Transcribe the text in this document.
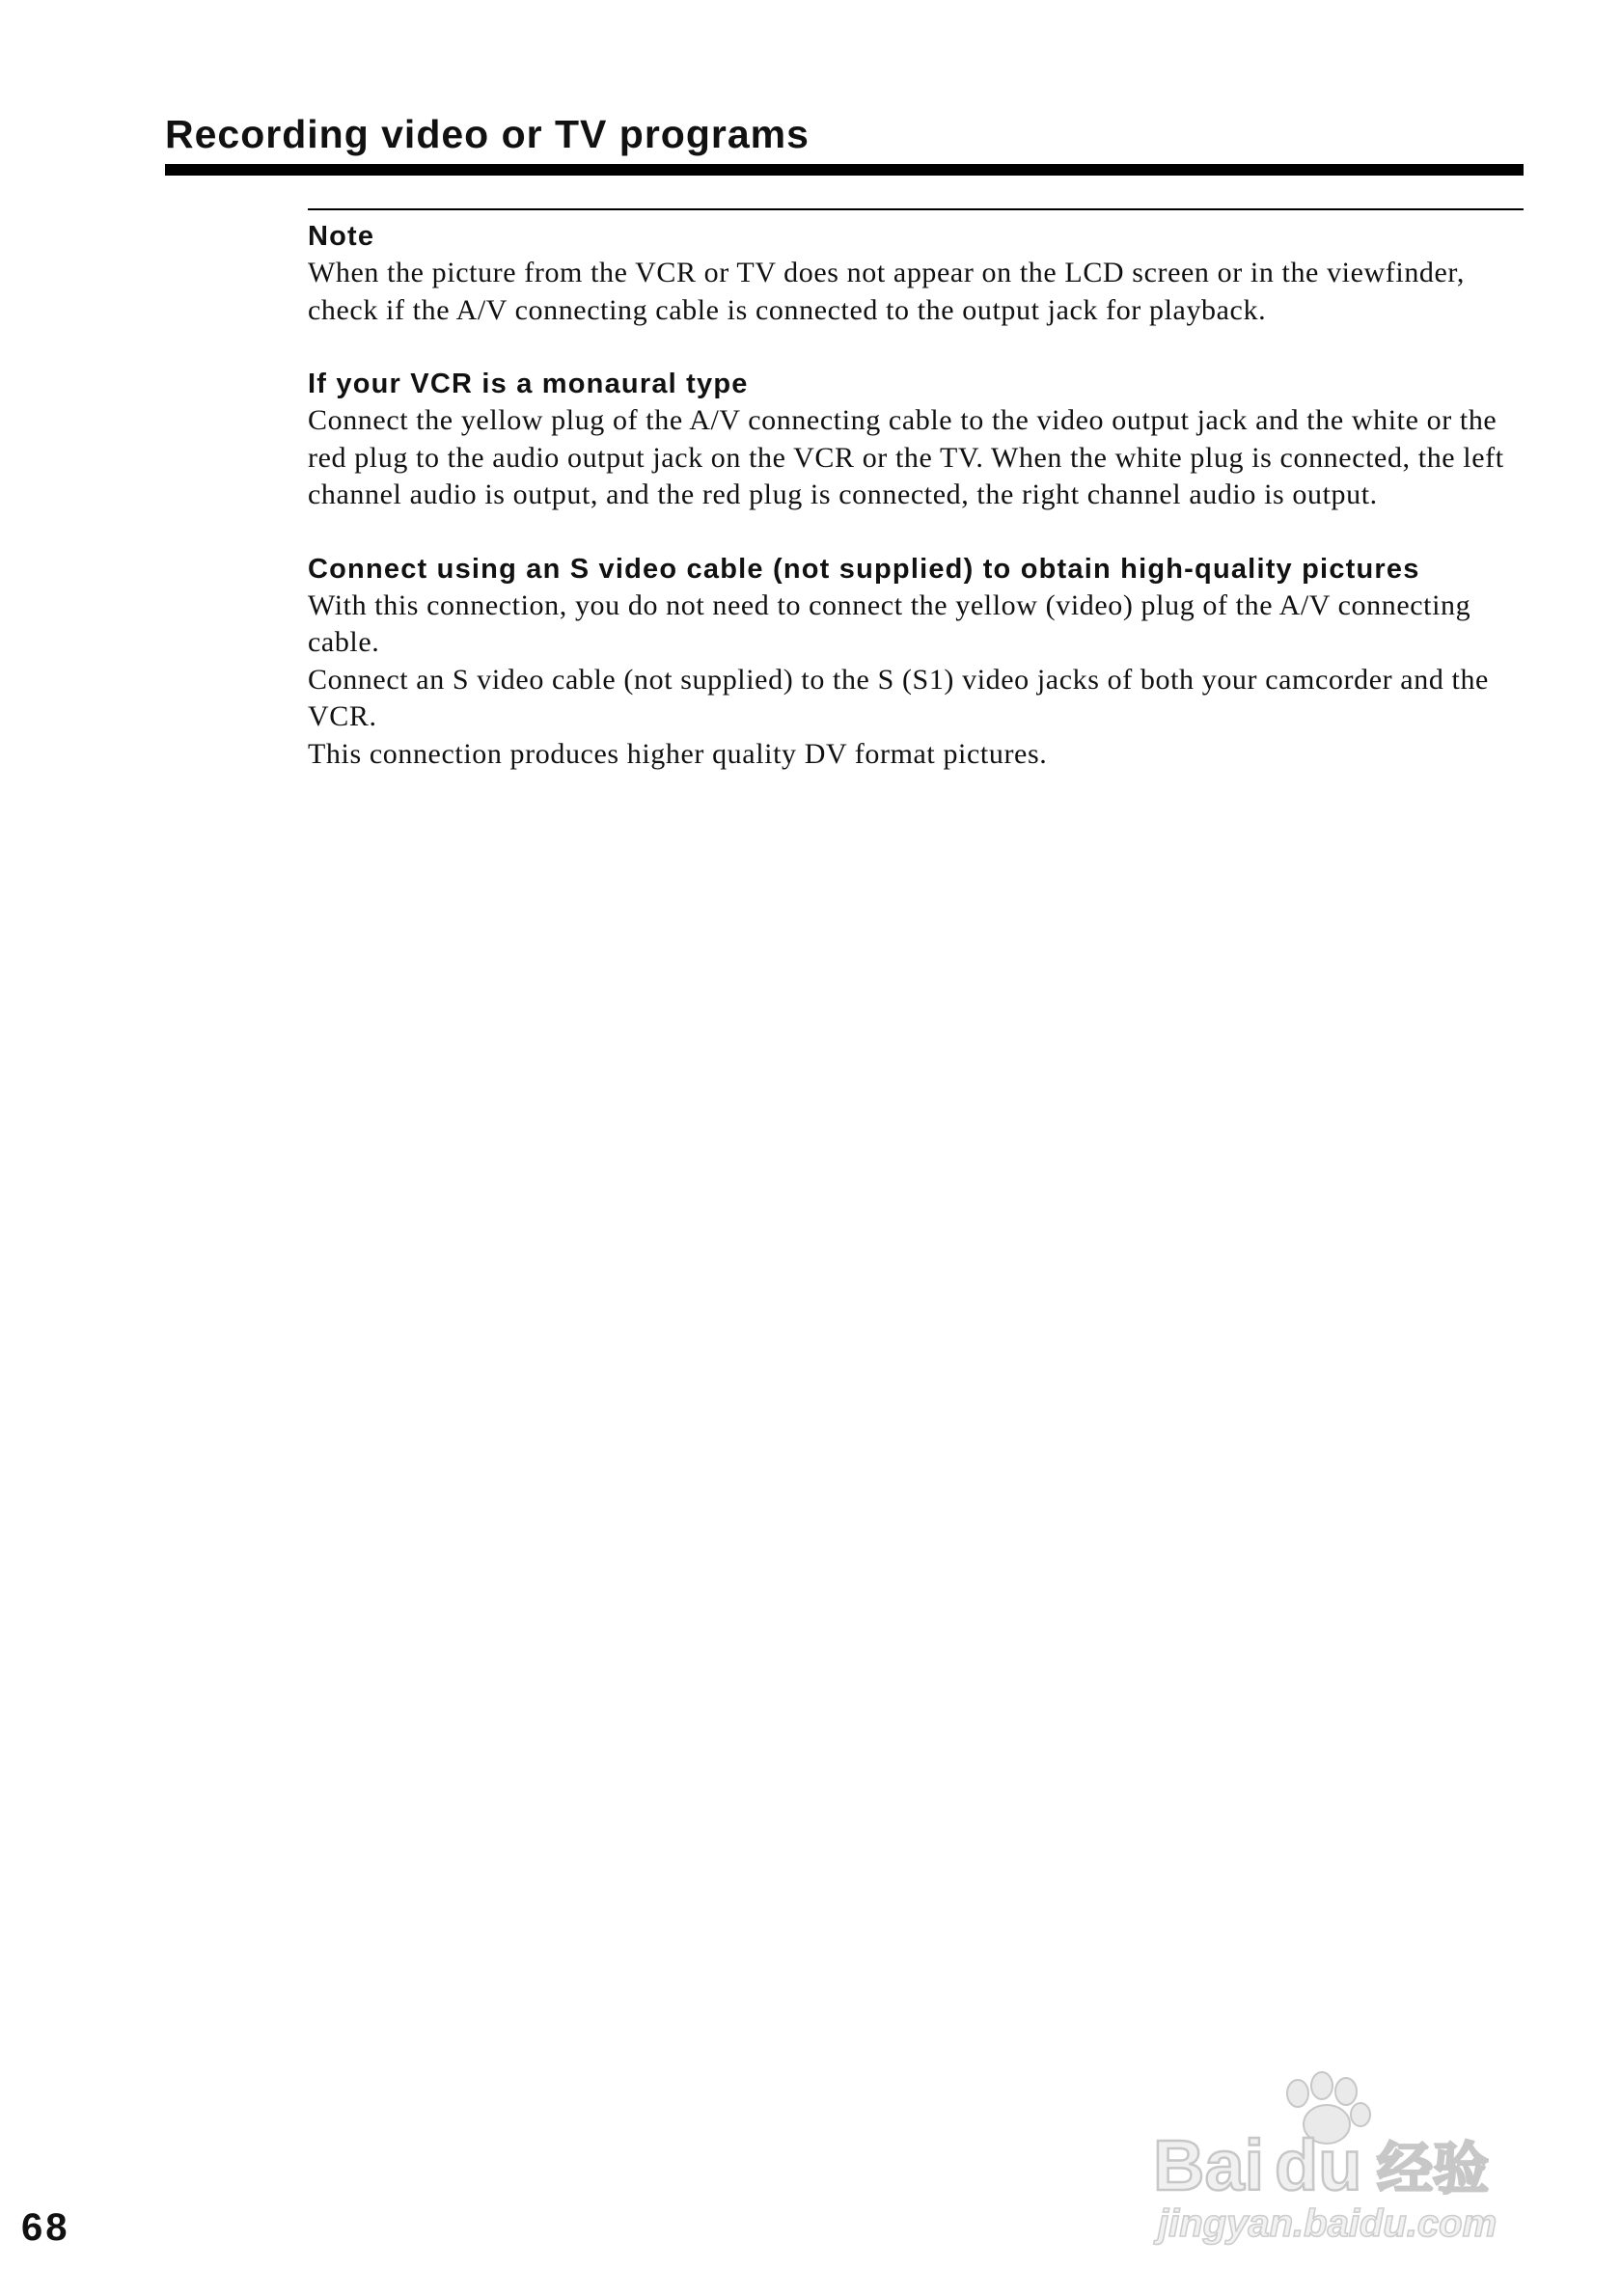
Recording video or TV programs

Note

When the picture from the VCR or TV does not appear on the LCD screen or in the viewfinder, check if the A/V connecting cable is connected to the output jack for playback.

If your VCR is a monaural type

Connect the yellow plug of the A/V connecting cable to the video output jack and the white or the red plug to the audio output jack on the VCR or the TV. When the white plug is connected, the left channel audio is output, and the red plug is connected, the right channel audio is output.

Connect using an S video cable (not supplied) to obtain high-quality pictures

With this connection, you do not need to connect the yellow (video) plug of the A/V connecting cable.

Connect an S video cable (not supplied) to the S (S1) video jacks of both your camcorder and the VCR.

This connection produces higher quality DV format pictures.

Bai du 经验
jingyan.baidu.com
68
